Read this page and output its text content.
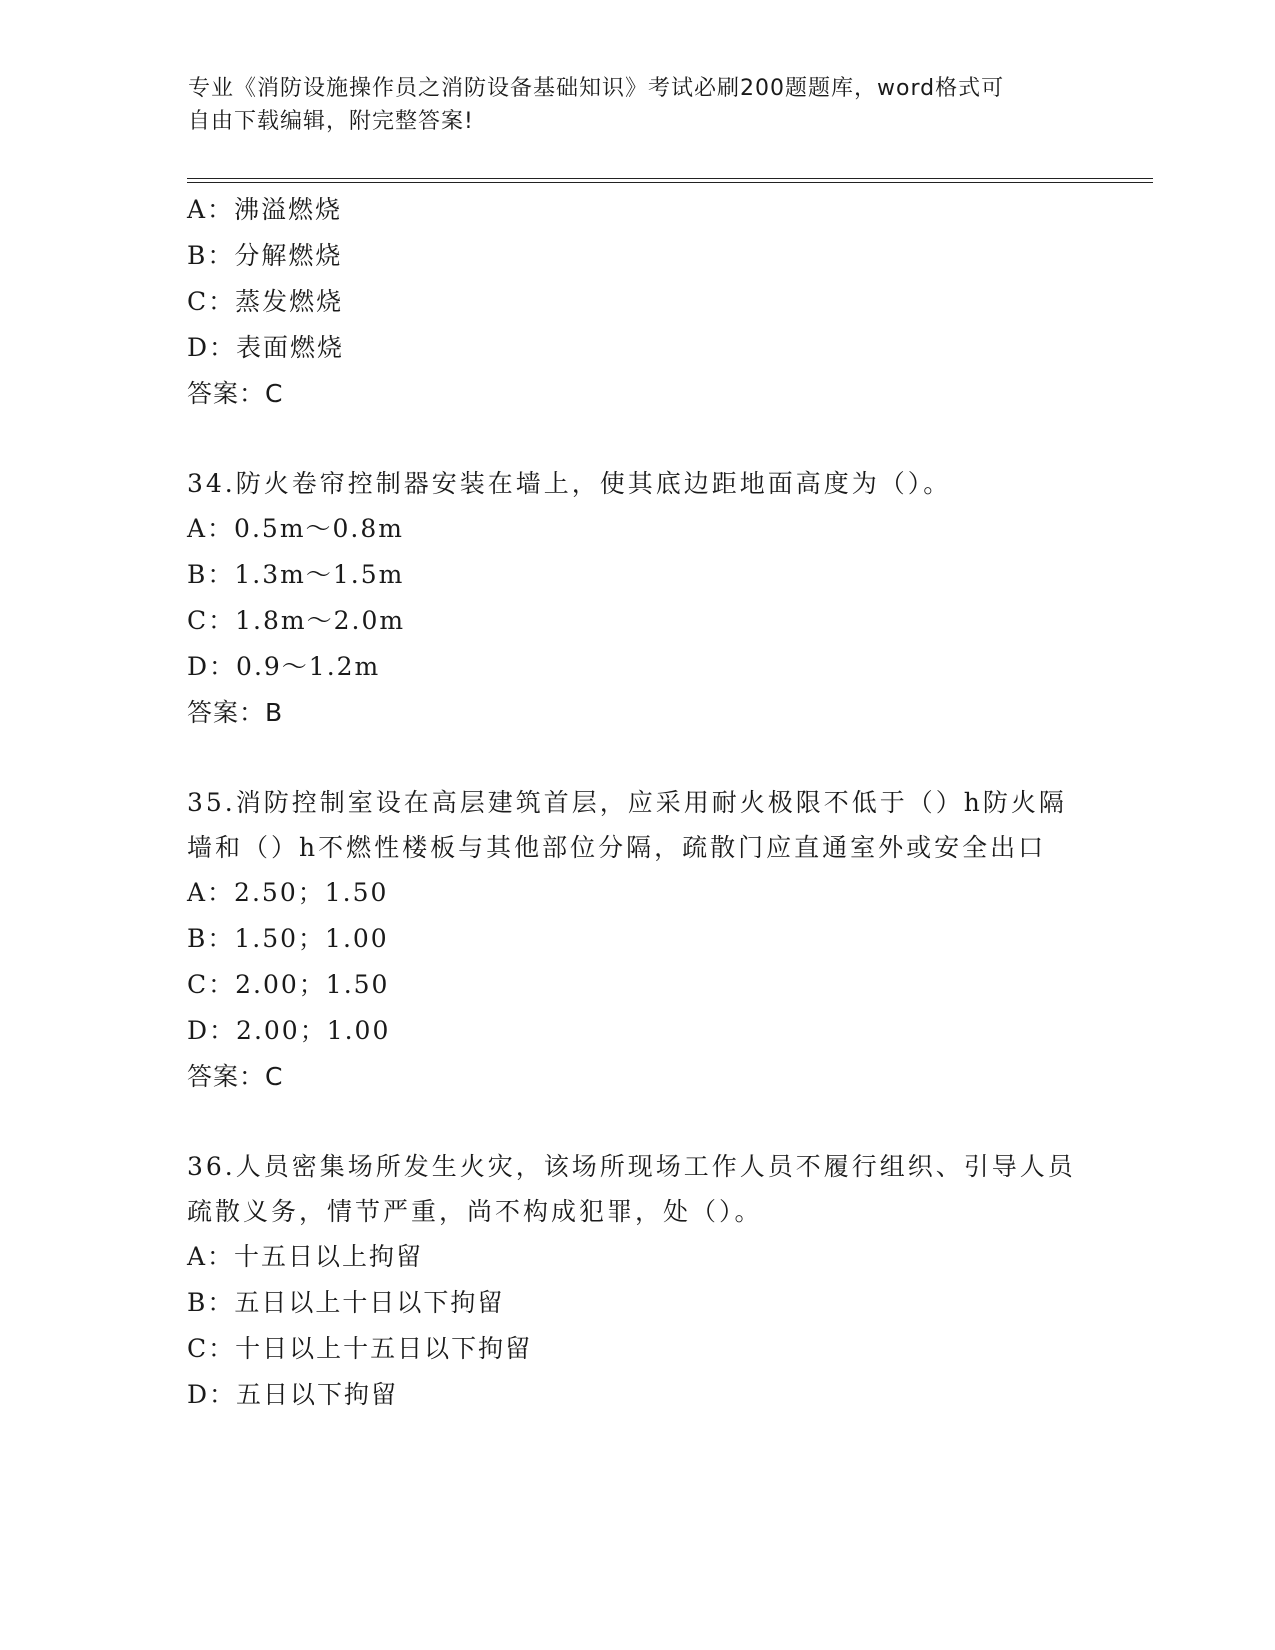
专业《消防设施操作员之消防设备基础知识》考试必刷200题题库，word格式可
自由下载编辑，附完整答案!
A：沸溢燃烧
B：分解燃烧
C：蒸发燃烧
D：表面燃烧
答案：C
34.防火卷帘控制器安装在墙上，使其底边距地面高度为（）。
A：0.5m～0.8m
B：1.3m～1.5m
C：1.8m～2.0m
D：0.9～1.2m
答案：B
35.消防控制室设在高层建筑首层，应采用耐火极限不低于（）h防火隔墙和（）h不燃性楼板与其他部位分隔，疏散门应直通室外或安全出口
A：2.50；1.50
B：1.50；1.00
C：2.00；1.50
D：2.00；1.00
答案：C
36.人员密集场所发生火灾，该场所现场工作人员不履行组织、引导人员疏散义务，情节严重，尚不构成犯罪，处（）。
A：十五日以上拘留
B：五日以上十日以下拘留
C：十日以上十五日以下拘留
D：五日以下拘留
